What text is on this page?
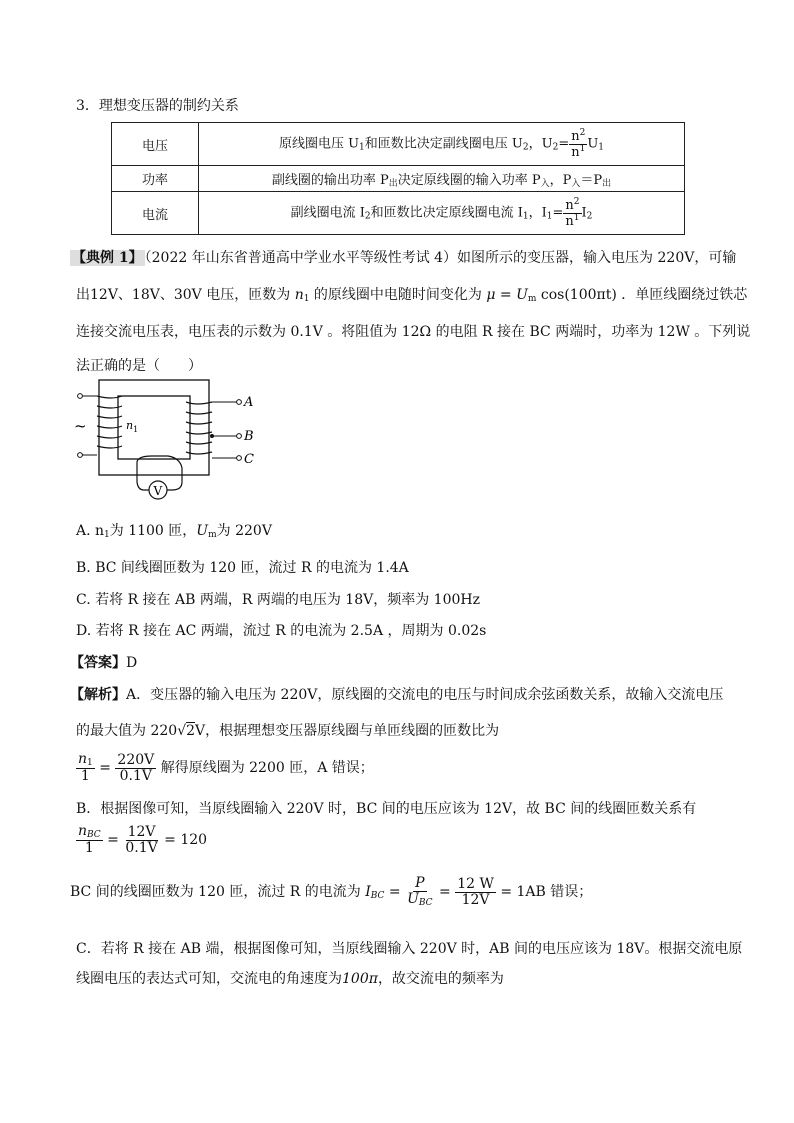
3．理想变压器的制约关系
电压	原线圈电压 $U_1$和匝数比决定副线圈电压 $U_2$，$U_2= \frac{n^2}{n^1} U_1$
功率	副线圈的输出功率 $P_出$决定原线圈的输入功率 $P_入$，$P_入=P_出$
电流	副线圈电流 $I_2$和匝数比决定原线圈电流 $I_1$，$I_1= \frac{n^2}{n^1} I_2$
【典例 1】 （2022 年山东省普通高中学业水平等级性考试 4）如图所示的变压器，输入电压为 220V，可输
出12V、18V、30V 电压，匝数为 $n_1$ 的原线圈中电随时间变化为 $\mu = U_m$ cos(100πt) ．单匝线圈绕过铁芯
连接交流电压表，电压表的示数为 0.1V 。将阻值为 12Ω 的电阻 R 接在 BC 两端时，功率为 12W 。下列说
法正确的是（　　）
~	$n_1$
A
B
C
V
A. $n_1$为 1100 匝，$U_m$为 220V
B. BC 间线圈匝数为 120 匝，流过 R 的电流为 1.4A
C. 若将 R 接在 AB 两端，R 两端的电压为 18V，频率为 100Hz
D. 若将 R 接在 AC 两端，流过 R 的电流为 2.5A ，周期为 0.02s
【答案】D
【解析】A．变压器的输入电压为 220V，原线圈的交流电的电压与时间成余弦函数关系，故输入交流电压
的最大值为 220√2V，根据理想变压器原线圈与单匝线圈的匝数比为
$\frac{n_1}{1} = \frac{220V}{0.1V}$ 解得原线圈为 2200 匝，A 错误；
B．根据图像可知，当原线圈输入 220V 时，BC 间的电压应该为 12V，故 BC 间的线圈匝数关系有
$\frac{n_{BC}}{1} = \frac{12V}{0.1V} = 120$
BC 间的线圈匝数为 120 匝，流过 R 的电流为 $I_{BC} = \frac{P}{U_{BC}} = \frac{12 W}{12V} = 1AB$ 错误；
C．若将 R 接在 AB 端，根据图像可知，当原线圈输入 220V 时，AB 间的电压应该为 18V。根据交流电原
线圈电压的表达式可知，交流电的角速度为100π，故交流电的频率为
